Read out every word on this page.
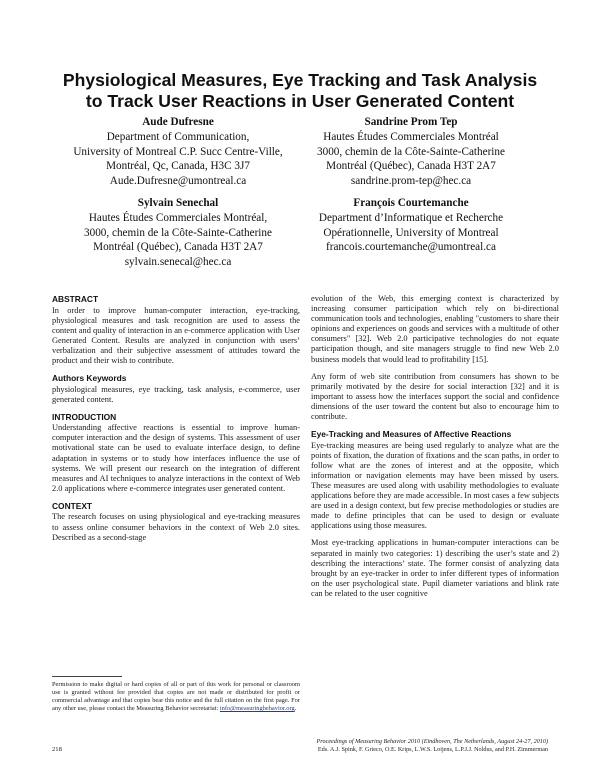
Physiological Measures, Eye Tracking and Task Analysis
to Track User Reactions in User Generated Content
Aude Dufresne
Department of Communication,
University of Montreal C.P. Succ Centre-Ville,
Montréal, Qc, Canada, H3C 3J7
Aude.Dufresne@umontreal.ca
Sandrine Prom Tep
Hautes Études Commerciales Montréal
3000, chemin de la Côte-Sainte-Catherine
Montréal (Québec), Canada H3T 2A7
sandrine.prom-tep@hec.ca
Sylvain Senechal
Hautes Études Commerciales Montréal,
3000, chemin de la Côte-Sainte-Catherine
Montréal (Québec), Canada H3T 2A7
sylvain.senecal@hec.ca
François Courtemanche
Department d’Informatique et Recherche
Opérationnelle, University of Montreal
francois.courtemanche@umontreal.ca
ABSTRACT

In order to improve human-computer interaction, eye-tracking, physiological measures and task recognition are used to assess the content and quality of interaction in an e-commerce application with User Generated Content. Results are analyzed in conjunction with users’ verbalization and their subjective assessment of attitudes toward the product and their wish to contribute.

Authors Keywords

physiological measures, eye tracking, task analysis, e-commerce, user generated content.

INTRODUCTION

Understanding affective reactions is essential to improve human-computer interaction and the design of systems. This assessment of user motivational state can be used to evaluate interface design, to define adaptation in systems or to study how interfaces influence the use of systems. We will present our research on the integration of different measures and AI techniques to analyze interactions in the context of Web 2.0 applications where e-commerce integrates user generated content.

CONTEXT

The research focuses on using physiological and eye-tracking measures to assess online consumer behaviors in the context of Web 2.0 sites. Described as a second-stage

evolution of the Web, this emerging context is characterized by increasing consumer participation which rely on bi-directional communication tools and technologies, enabling "customers to share their opinions and experiences on goods and services with a multitude of other consumers" [32]. Web 2.0 participative technologies do not equate participation though, and site managers struggle to find new Web 2.0 business models that would lead to profitability [15].

Any form of web site contribution from consumers has shown to be primarily motivated by the desire for social interaction [32] and it is important to assess how the interfaces support the social and confidence dimensions of the user toward the content but also to encourage him to contribute.

Eye-Tracking and Measures of Affective Reactions

Eye-tracking measures are being used regularly to analyze what are the points of fixation, the duration of fixations and the scan paths, in order to follow what are the zones of interest and at the opposite, which information or navigation elements may have been missed by users. These measures are used along with usability methodologies to evaluate applications before they are made accessible. In most cases a few subjects are used in a design context, but few precise methodologies or studies are made to define principles that can be used to design or evaluate applications using those measures.

Most eye-tracking applications in human-computer interactions can be separated in mainly two categories: 1) describing the user’s state and 2) describing the interactions’ state. The former consist of analyzing data brought by an eye-tracker in order to infer different types of information on the user psychological state. Pupil diameter variations and blink rate can be related to the user cognitive

Permission to make digital or hard copies of all or part of this work for personal or classroom use is granted without fee provided that copies are not made or distributed for profit or commercial advantage and that copies bear this notice and the full citation on the first page. For any other use, please contact the Measuring Behavior secretariat: info@measuringbehavior.org.
218
Proceedings of Measuring Behavior 2010 (Eindhoven, The Netherlands, August 24-27, 2010)
Eds. A.J. Spink, F. Grieco, O.E. Krips, L.W.S. Loijens, L.P.J.J. Noldus, and P.H. Zimmerman
